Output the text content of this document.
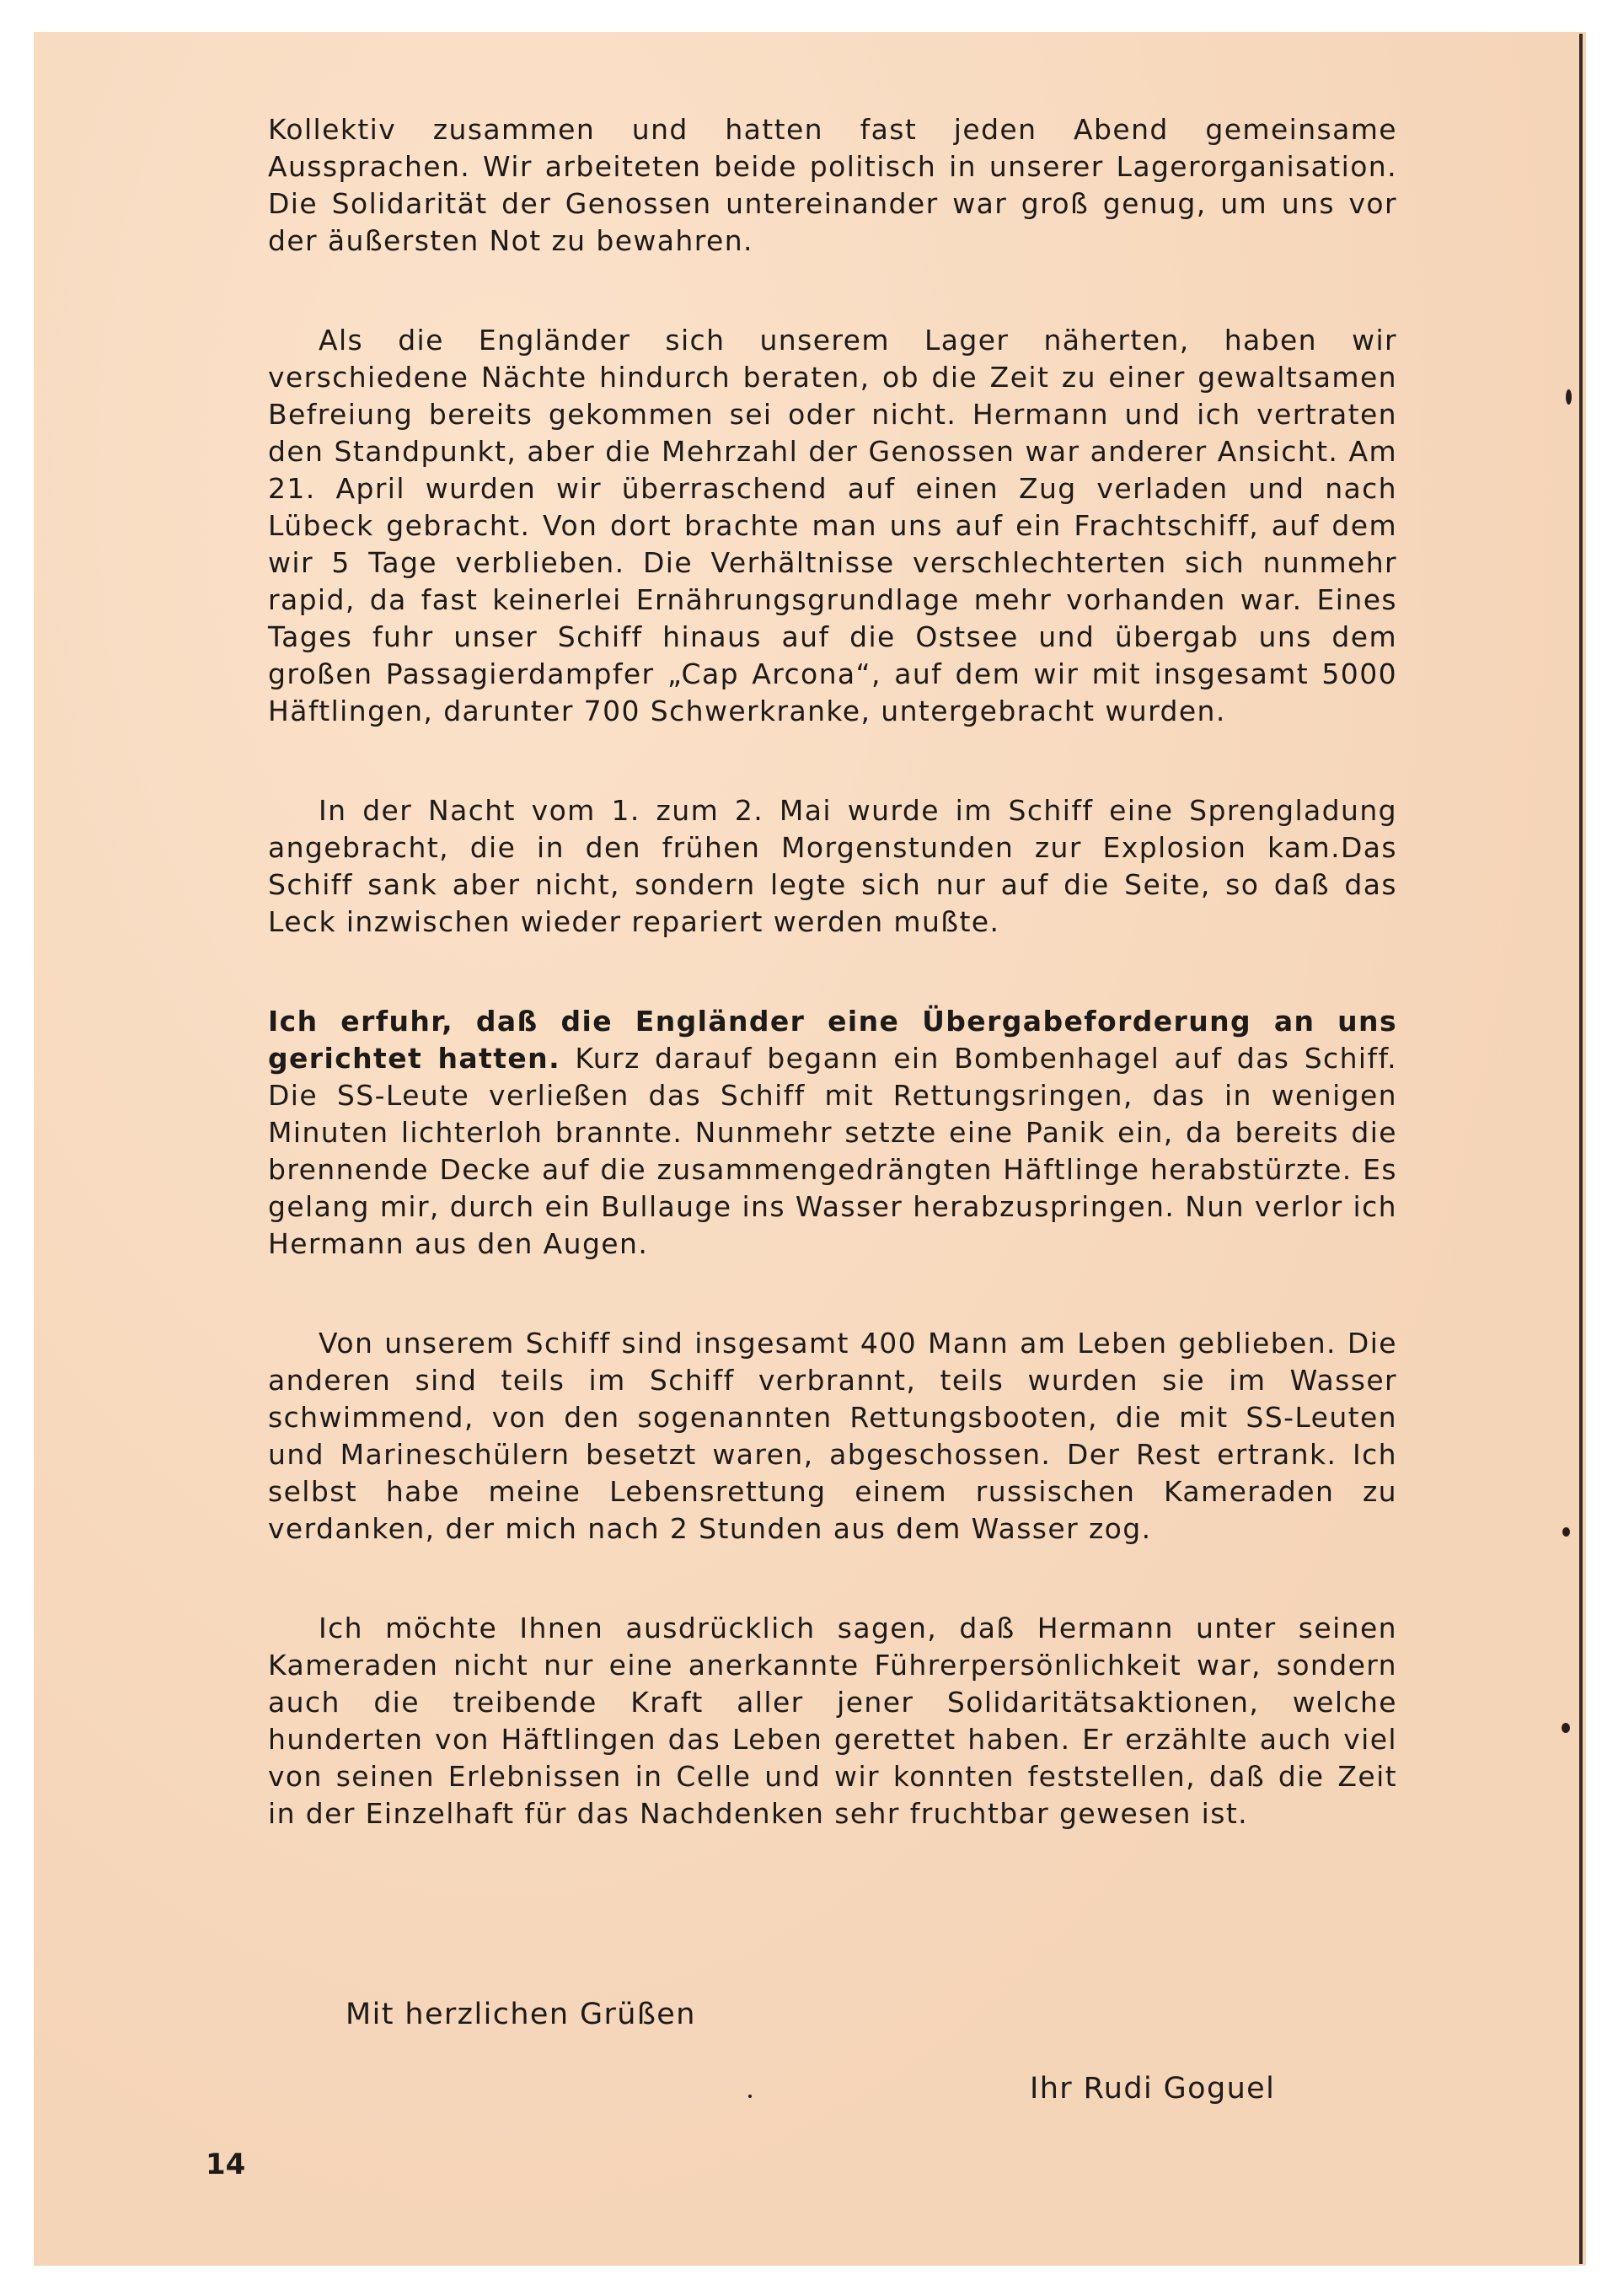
Kollektiv zusammen und hatten fast jeden Abend gemeinsame Aussprachen. Wir arbeiteten beide politisch in unserer Lagerorganisation. Die Solidarität der Genossen untereinander war groß genug, um uns vor der äußersten Not zu bewahren.

Als die Engländer sich unserem Lager näherten, haben wir verschiedene Nächte hindurch beraten, ob die Zeit zu einer gewaltsamen Befreiung bereits gekommen sei oder nicht. Hermann und ich vertraten den Standpunkt, aber die Mehrzahl der Genossen war anderer Ansicht. Am 21. April wurden wir überraschend auf einen Zug verladen und nach Lübeck gebracht. Von dort brachte man uns auf ein Frachtschiff, auf dem wir 5 Tage verblieben. Die Verhältnisse verschlechterten sich nunmehr rapid, da fast keinerlei Ernährungsgrundlage mehr vorhanden war. Eines Tages fuhr unser Schiff hinaus auf die Ostsee und übergab uns dem großen Passagierdampfer „Cap Arcona“, auf dem wir mit insgesamt 5000 Häftlingen, darunter 700 Schwerkranke, untergebracht wurden.

In der Nacht vom 1. zum 2. Mai wurde im Schiff eine Sprengladung angebracht, die in den frühen Morgenstunden zur Explosion kam.Das Schiff sank aber nicht, sondern legte sich nur auf die Seite, so daß das Leck inzwischen wieder repariert werden mußte.

Ich erfuhr, daß die Engländer eine Übergabeforderung an uns gerichtet hatten. Kurz darauf begann ein Bombenhagel auf das Schiff. Die SS-Leute verließen das Schiff mit Rettungsringen, das in wenigen Minuten lichterloh brannte. Nunmehr setzte eine Panik ein, da bereits die brennende Decke auf die zusammengedrängten Häftlinge herabstürzte. Es gelang mir, durch ein Bullauge ins Wasser herabzuspringen. Nun verlor ich Hermann aus den Augen.

Von unserem Schiff sind insgesamt 400 Mann am Leben geblieben. Die anderen sind teils im Schiff verbrannt, teils wurden sie im Wasser schwimmend, von den sogenannten Rettungsbooten, die mit SS-Leuten und Marineschülern besetzt waren, abgeschossen. Der Rest ertrank. Ich selbst habe meine Lebensrettung einem russischen Kameraden zu verdanken, der mich nach 2 Stunden aus dem Wasser zog.

Ich möchte Ihnen ausdrücklich sagen, daß Hermann unter seinen Kameraden nicht nur eine anerkannte Führerpersönlichkeit war, sondern auch die treibende Kraft aller jener Solidaritätsaktionen, welche hunderten von Häftlingen das Leben gerettet haben. Er erzählte auch viel von seinen Erlebnissen in Celle und wir konnten feststellen, daß die Zeit in der Einzelhaft für das Nachdenken sehr fruchtbar gewesen ist.

Mit herzlichen Grüßen
Ihr Rudi Goguel
14
